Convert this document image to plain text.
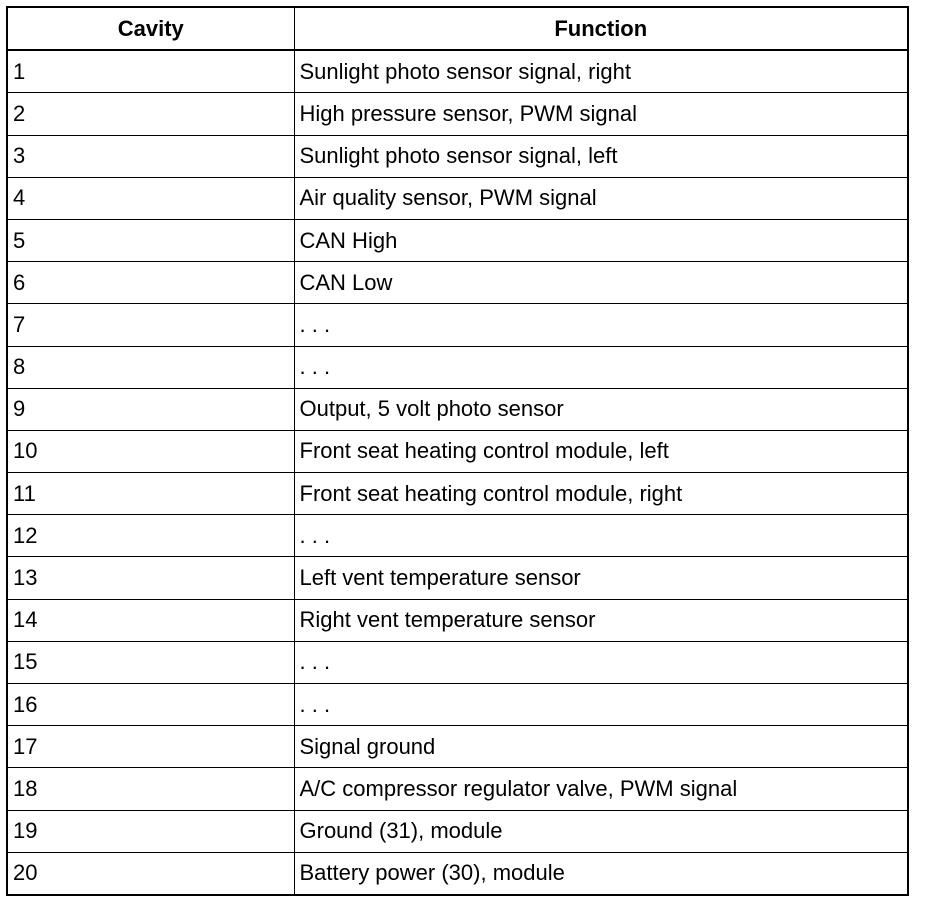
Cavity	Function
1	Sunlight photo sensor signal, right
2	High pressure sensor, PWM signal
3	Sunlight photo sensor signal, left
4	Air quality sensor, PWM signal
5	CAN High
6	CAN Low
7	. . .
8	. . .
9	Output, 5 volt photo sensor
10	Front seat heating control module, left
11	Front seat heating control module, right
12	. . .
13	Left vent temperature sensor
14	Right vent temperature sensor
15	. . .
16	. . .
17	Signal ground
18	A/C compressor regulator valve, PWM signal
19	Ground (31), module
20	Battery power (30), module
